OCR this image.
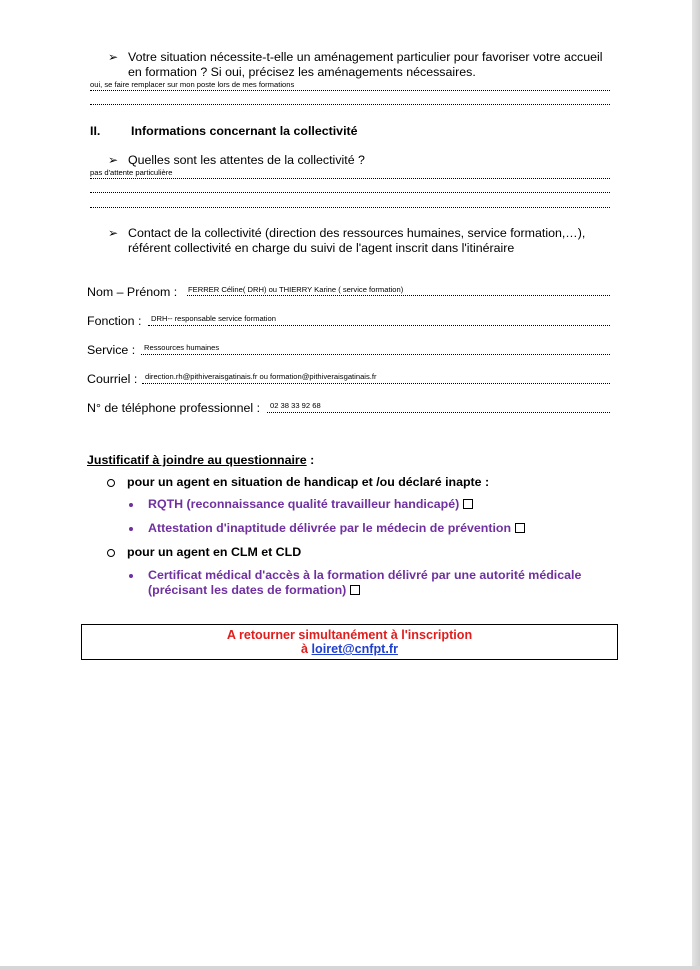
➢ Votre situation nécessite-t-elle un aménagement particulier pour favoriser votre accueil
en formation ? Si oui, précisez les aménagements nécessaires.
oui, se faire remplacer sur mon poste lors de mes formations
II. Informations concernant la collectivité
➢ Quelles sont les attentes de la collectivité ?
pas d'attente particulière
➢ Contact de la collectivité (direction des ressources humaines, service formation,…),
référent collectivité en charge du suivi de l'agent inscrit dans l'itinéraire
Nom – Prénom : FERRER Céline( DRH) ou THIERRY Karine ( service formation)
Fonction : DRH-- responsable service formation
Service : Ressources humaines
Courriel : direction.rh@pithiveraisgatinais.fr ou formation@pithiveraisgatinais.fr
N° de téléphone professionnel : 02 38 33 92 68
Justificatif à joindre au questionnaire :
pour un agent en situation de handicap et /ou déclaré inapte :
RQTH (reconnaissance qualité travailleur handicapé)
Attestation d'inaptitude délivrée par le médecin de prévention
pour un agent en CLM et CLD
Certificat médical d'accès à la formation délivré par une autorité médicale
(précisant les dates de formation)
A retourner simultanément à l'inscription
à loiret@cnfpt.fr
